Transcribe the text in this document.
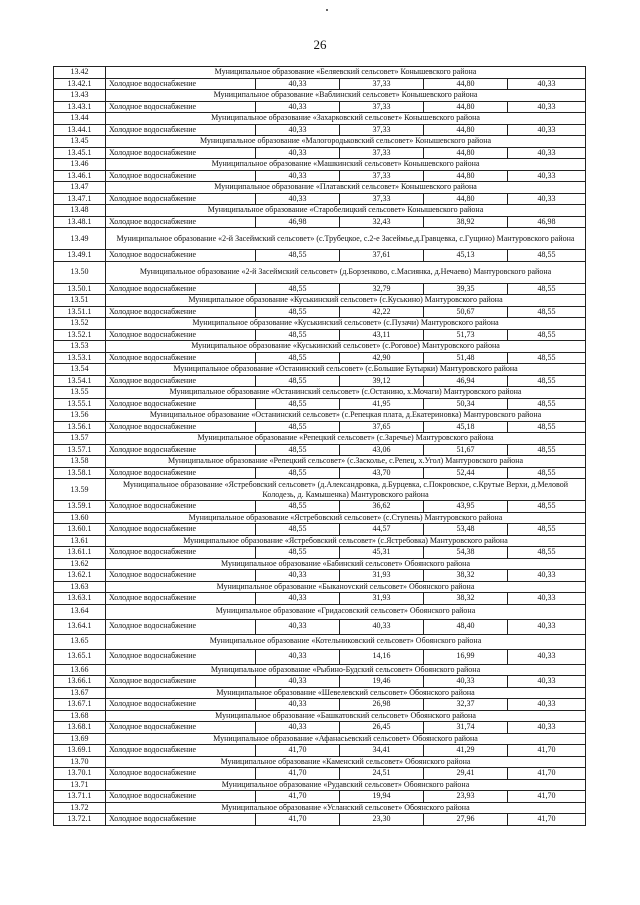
26
13.42	Муниципальное образование «Беляевский сельсовет» Конышевского района				
13.42.1	Холодное водоснабжение	40,33	37,33	44,80	40,33
13.43	Муниципальное образование «Ваблинский сельсовет» Конышевского района				
13.43.1	Холодное водоснабжение	40,33	37,33	44,80	40,33
13.44	Муниципальное образование «Захарковский сельсовет» Конышевского района				
13.44.1	Холодное водоснабжение	40,33	37,33	44,80	40,33
13.45	Муниципальное образование «Малогородьковский сельсовет» Конышевского района				
13.45.1	Холодное водоснабжение	40,33	37,33	44,80	40,33
13.46	Муниципальное образование «Машкинский сельсовет» Конышевского района				
13.46.1	Холодное водоснабжение	40,33	37,33	44,80	40,33
13.47	Муниципальное образование «Платавский сельсовет» Конышевского района				
13.47.1	Холодное водоснабжение	40,33	37,33	44,80	40,33
13.48	Муниципальное образование «Старобелицкий сельсовет» Конышевского района				
13.48.1	Холодное водоснабжение	46,98	32,43	38,92	46,98
13.49	Муниципальное образование «2-й Засеймский сельсовет» (с.Трубецкое, с.2-е Засеймье,д.Гравцевка, с.Гущино) Мантуровского района				
13.49.1	Холодное водоснабжение	48,55	37,61	45,13	48,55
13.50	Муниципальное образование «2-й Засеймский сельсовет» (д.Борзенково, с.Масиянка, д.Нечаево) Мантуровского района				
13.50.1	Холодное водоснабжение	48,55	32,79	39,35	48,55
13.51	Муниципальное образование «Куськинский сельсовет» (с.Куськино) Мантуровского района				
13.51.1	Холодное водоснабжение	48,55	42,22	50,67	48,55
13.52	Муниципальное образование «Куськинский сельсовет» (с.Пузачи) Мантуровского района				
13.52.1	Холодное водоснабжение	48,55	43,11	51,73	48,55
13.53	Муниципальное образование «Куськинский сельсовет» (с.Роговое) Мантуровского района				
13.53.1	Холодное водоснабжение	48,55	42,90	51,48	48,55
13.54	Муниципальное образование «Останинский сельсовет» (с.Большие Бутырки) Мантуровского района				
13.54.1	Холодное водоснабжение	48,55	39,12	46,94	48,55
13.55	Муниципальное образование «Останинский сельсовет» (с.Останино, х.Мочаги) Мантуровского района				
13.55.1	Холодное водоснабжение	48,55	41,95	50,34	48,55
13.56	Муниципальное образование «Останинский сельсовет» (с.Репецкая плата, д.Екатериновка) Мантуровского района				
13.56.1	Холодное водоснабжение	48,55	37,65	45,18	48,55
13.57	Муниципальное образование «Репецкий сельсовет» (с.Заречье) Мантуровского района				
13.57.1	Холодное водоснабжение	48,55	43,06	51,67	48,55
13.58	Муниципальное образование «Репецкий сельсовет» (с.Засколье, с.Репец, х.Угол) Мантуровского района				
13.58.1	Холодное водоснабжение	48,55	43,70	52,44	48,55
13.59	Муниципальное образование «Ястребовский сельсовет» (д.Александровка, д.Бурцевка, с.Покровское, с.Крутые Верхи, д.Меловой Колодезь, д. Камышенка) Мантуровского района				
13.59.1	Холодное водоснабжение	48,55	36,62	43,95	48,55
13.60	Муниципальное образование «Ястребовский сельсовет» (с.Ступень) Мантуровского района				
13.60.1	Холодное водоснабжение	48,55	44,57	53,48	48,55
13.61	Муниципальное образование «Ястребовский сельсовет» (с.Ястребовка) Мантуровского района				
13.61.1	Холодное водоснабжение	48,55	45,31	54,38	48,55
13.62	Муниципальное образование «Бабинский сельсовет» Обоянского района				
13.62.1	Холодное водоснабжение	40,33	31,93	38,32	40,33
13.63	Муниципальное образование «Быканovский сельсовет» Обоянского района				
13.63.1	Холодное водоснабжение	40,33	31,93	38,32	40,33
13.64	Муниципальное образование «Гридасовский сельсовет» Обоянского района				
13.64.1	Холодное водоснабжение	40,33	40,33	48,40	40,33
13.65	Муниципальное образование «Котельниковский сельсовет» Обоянского района				
13.65.1	Холодное водоснабжение	40,33	14,16	16,99	40,33
13.66	Муниципальное образование «Рыбино-Будский сельсовет» Обоянского района				
13.66.1	Холодное водоснабжение	40,33	19,46	40,33	40,33
13.67	Муниципальное образование «Шевелевский сельсовет» Обоянского района				
13.67.1	Холодное водоснабжение	40,33	26,98	32,37	40,33
13.68	Муниципальное образование «Башкатовский сельсовет» Обоянского района				
13.68.1	Холодное водоснабжение	40,33	26,45	31,74	40,33
13.69	Муниципальное образование «Афанасьевский сельсовет» Обоянского района				
13.69.1	Холодное водоснабжение	41,70	34,41	41,29	41,70
13.70	Муниципальное образование «Каменский сельсовет» Обоянского района				
13.70.1	Холодное водоснабжение	41,70	24,51	29,41	41,70
13.71	Муниципальное образование «Рудавский сельсовет» Обоянского района				
13.71.1	Холодное водоснабжение	41,70	19,94	23,93	41,70
13.72	Муниципальное образование «Усланский сельсовет» Обоянского района				
13.72.1	Холодное водоснабжение	41,70	23,30	27,96	41,70
